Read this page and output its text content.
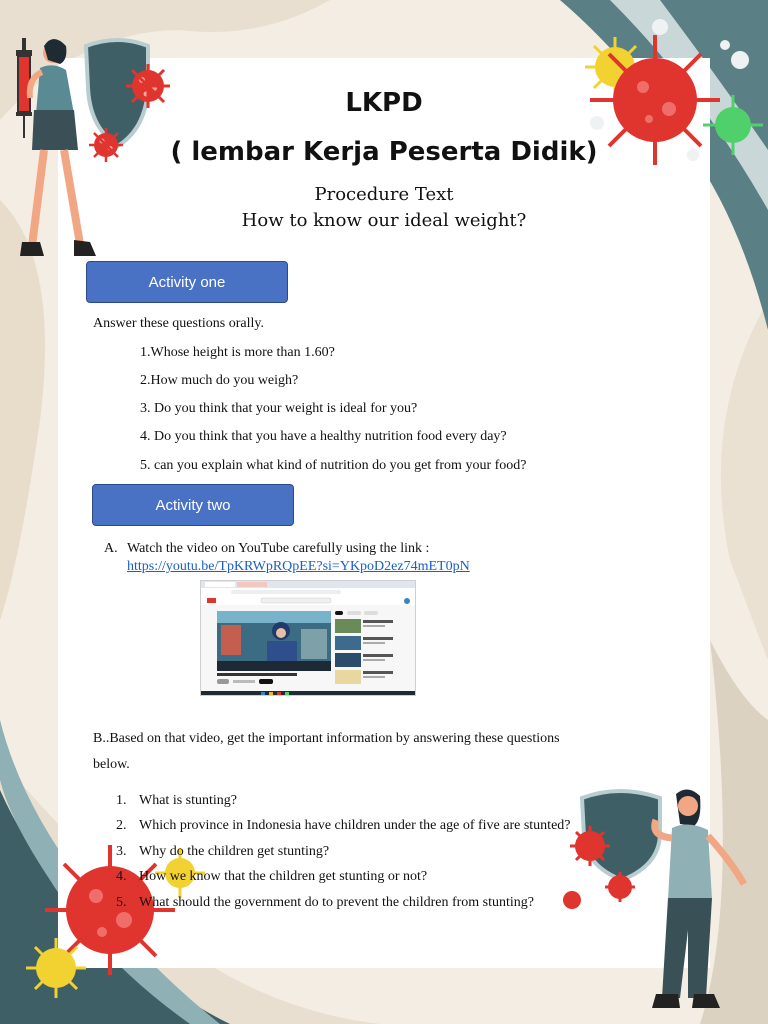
LKPD
( lembar Kerja Peserta Didik)
Procedure Text
How to know our ideal weight?
Activity one
Answer these questions orally.
1.Whose height is more than 1.60?
2.How much do you weigh?
3. Do you think that your weight is ideal for you?
4. Do you think that you have a healthy nutrition food every day?
5. can you explain what kind of nutrition do you get from your food?
Activity two
A. Watch the video on YouTube carefully using the link :
https://youtu.be/TpKRWpRQpEE?si=YKpoD2ez74mET0pN
B..Based on that video, get the important information by answering these questions
below.
1. What is stunting?
2. Which province in Indonesia have children under the age of five are stunted?
3. Why do the children get stunting?
4. How we know that the children get stunting or not?
5. What should the government do to prevent the children from stunting?
